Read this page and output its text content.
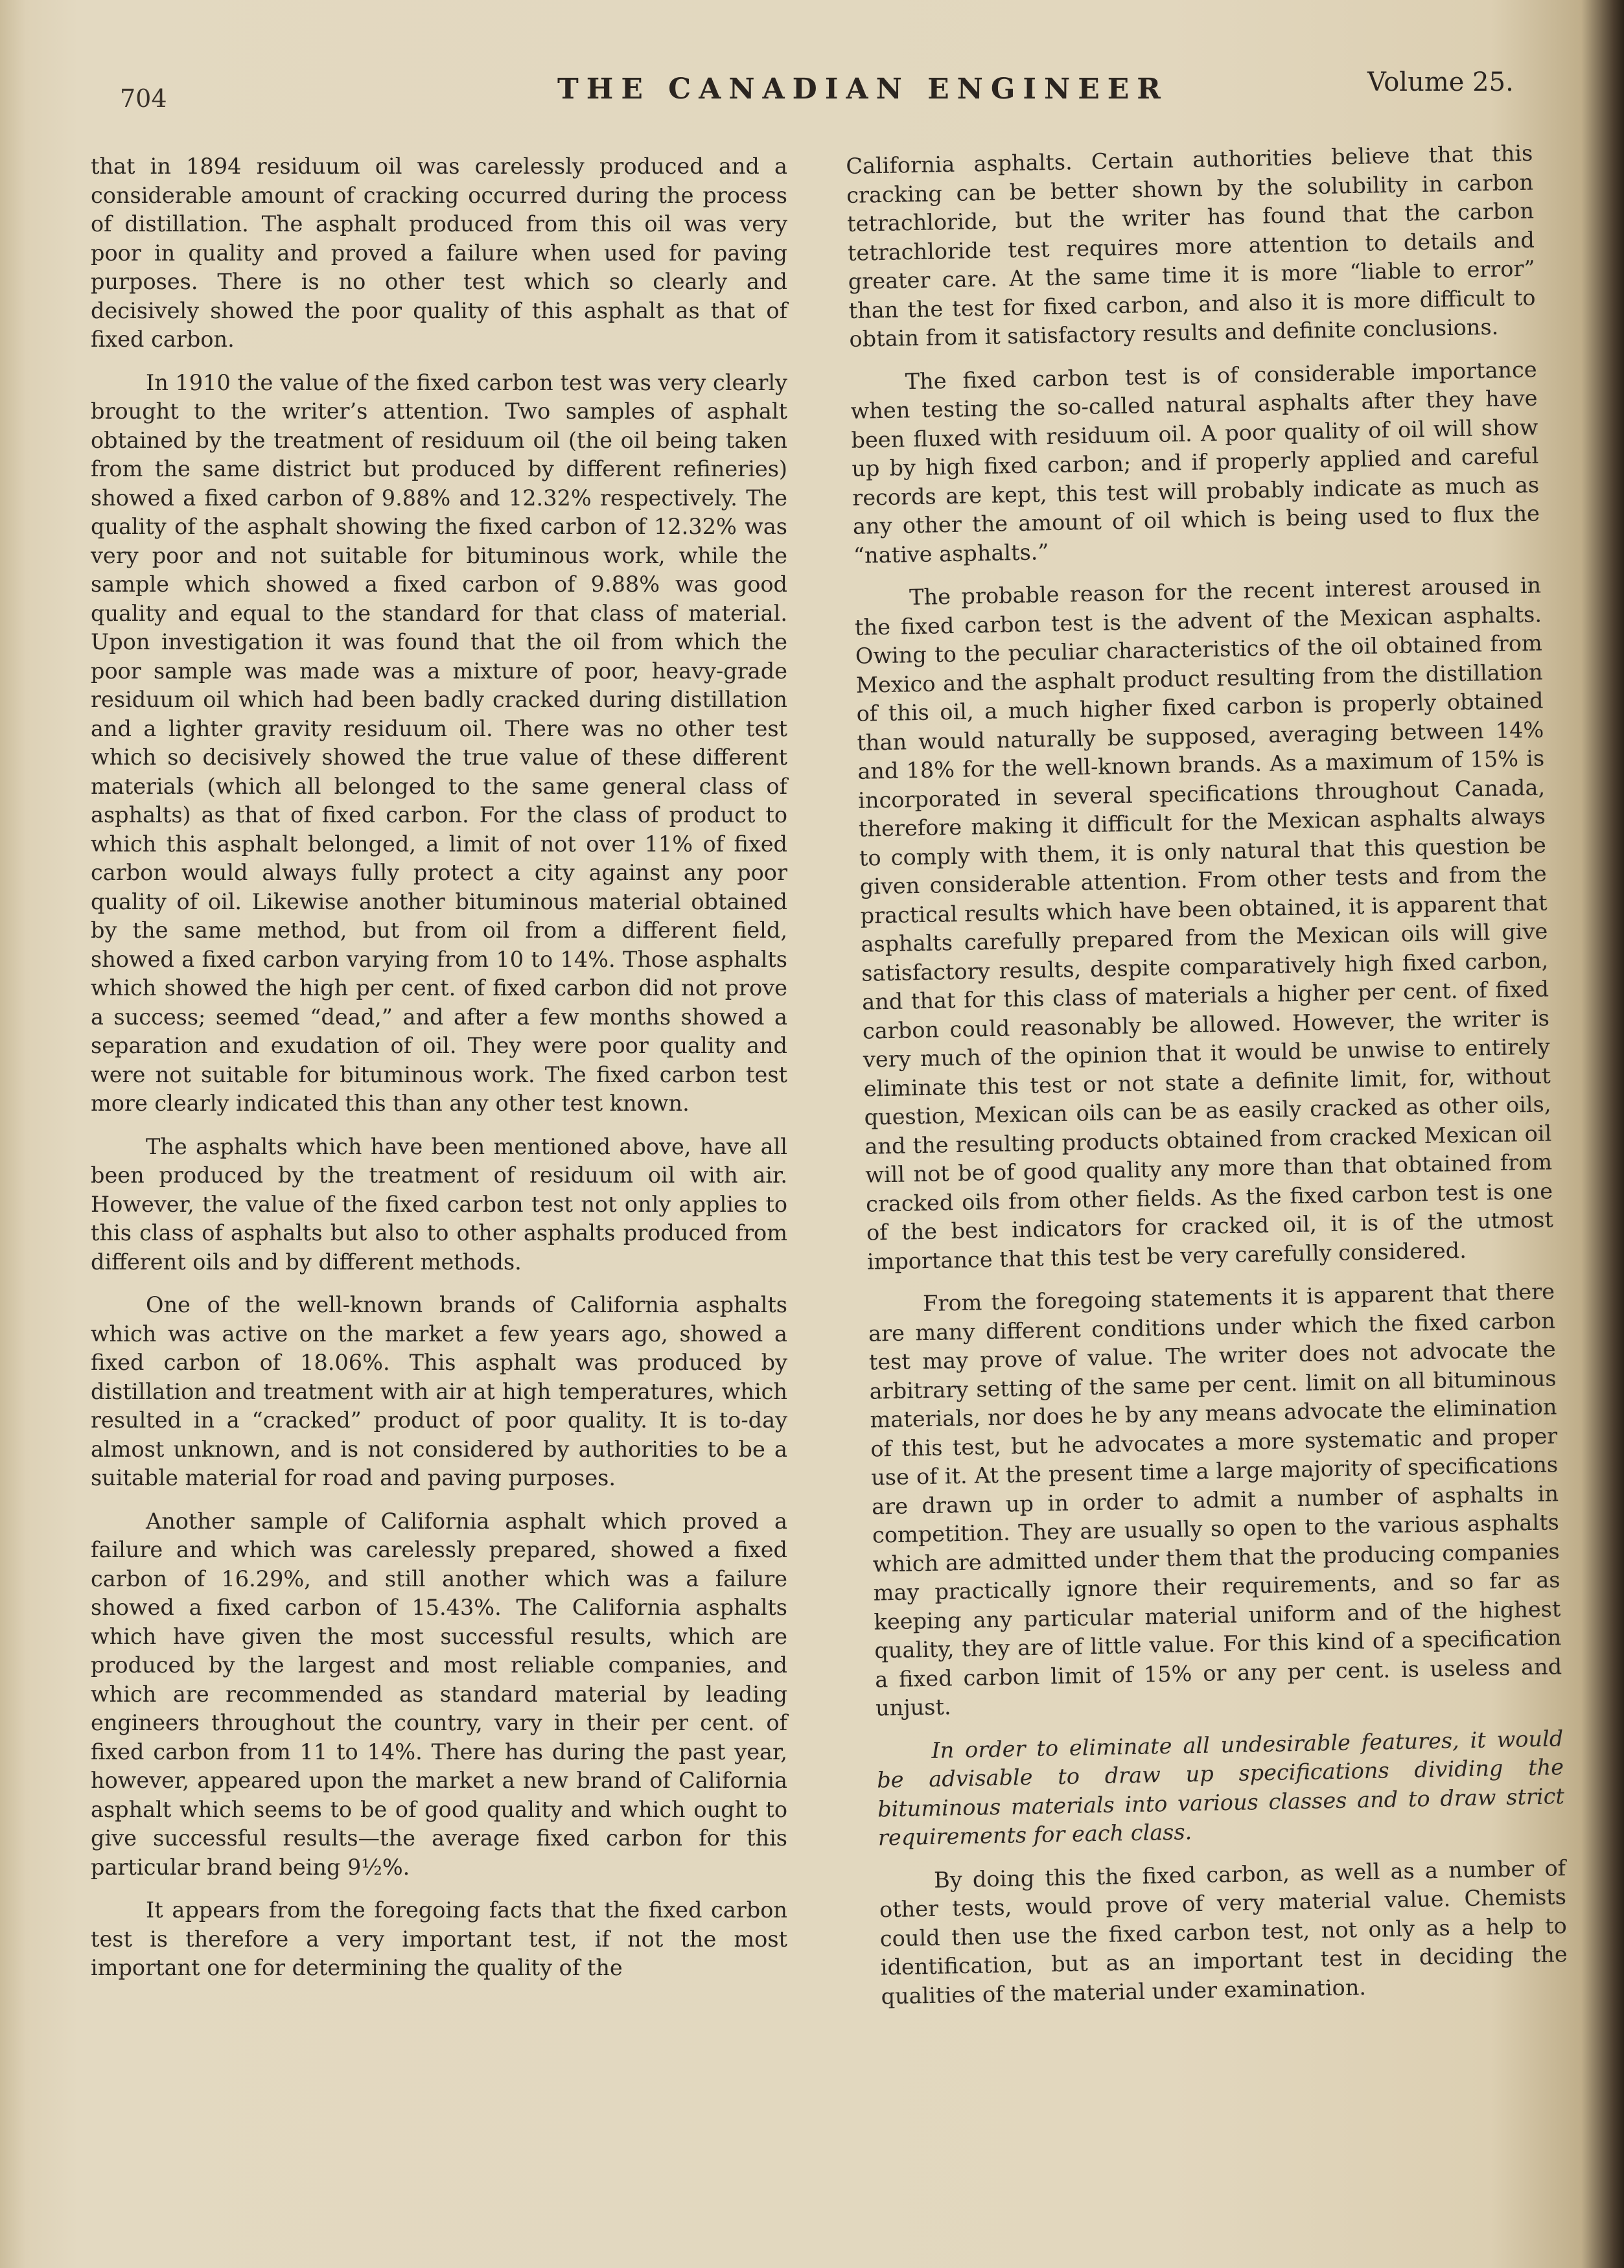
704	THE CANADIAN ENGINEER	Volume 25.

that in 1894 residuum oil was carelessly produced and a considerable amount of cracking occurred during the process of distillation. The asphalt produced from this oil was very poor in quality and proved a failure when used for paving purposes. There is no other test which so clearly and decisively showed the poor quality of this asphalt as that of fixed carbon.

In 1910 the value of the fixed carbon test was very clearly brought to the writer’s attention. Two samples of asphalt obtained by the treatment of residuum oil (the oil being taken from the same district but produced by different refineries) showed a fixed carbon of 9.88% and 12.32% respectively. The quality of the asphalt showing the fixed carbon of 12.32% was very poor and not suitable for bituminous work, while the sample which showed a fixed carbon of 9.88% was good quality and equal to the standard for that class of material. Upon investigation it was found that the oil from which the poor sample was made was a mixture of poor, heavy-grade residuum oil which had been badly cracked during distillation and a lighter gravity residuum oil. There was no other test which so decisively showed the true value of these different materials (which all belonged to the same general class of asphalts) as that of fixed carbon. For the class of product to which this asphalt belonged, a limit of not over 11% of fixed carbon would always fully protect a city against any poor quality of oil. Likewise another bituminous material obtained by the same method, but from oil from a different field, showed a fixed carbon varying from 10 to 14%. Those asphalts which showed the high per cent. of fixed carbon did not prove a success; seemed “dead,” and after a few months showed a separation and exudation of oil. They were poor quality and were not suitable for bituminous work. The fixed carbon test more clearly indicated this than any other test known.

The asphalts which have been mentioned above, have all been produced by the treatment of residuum oil with air. However, the value of the fixed carbon test not only applies to this class of asphalts but also to other asphalts produced from different oils and by different methods.

One of the well-known brands of California asphalts which was active on the market a few years ago, showed a fixed carbon of 18.06%. This asphalt was produced by distillation and treatment with air at high temperatures, which resulted in a “cracked” product of poor quality. It is to-day almost unknown, and is not considered by authorities to be a suitable material for road and paving purposes.

Another sample of California asphalt which proved a failure and which was carelessly prepared, showed a fixed carbon of 16.29%, and still another which was a failure showed a fixed carbon of 15.43%. The California asphalts which have given the most successful results, which are produced by the largest and most reliable companies, and which are recommended as standard material by leading engineers throughout the country, vary in their per cent. of fixed carbon from 11 to 14%. There has during the past year, however, appeared upon the market a new brand of California asphalt which seems to be of good quality and which ought to give successful results—the average fixed carbon for this particular brand being 9½%.

It appears from the foregoing facts that the fixed carbon test is therefore a very important test, if not the most important one for determining the quality of the

California asphalts. Certain authorities believe that this cracking can be better shown by the solubility in carbon tetrachloride, but the writer has found that the carbon tetrachloride test requires more attention to details and greater care. At the same time it is more “liable to error” than the test for fixed carbon, and also it is more difficult to obtain from it satisfactory results and definite conclusions.

The fixed carbon test is of considerable importance when testing the so-called natural asphalts after they have been fluxed with residuum oil. A poor quality of oil will show up by high fixed carbon; and if properly applied and careful records are kept, this test will probably indicate as much as any other the amount of oil which is being used to flux the “native asphalts.”

The probable reason for the recent interest aroused in the fixed carbon test is the advent of the Mexican asphalts. Owing to the peculiar characteristics of the oil obtained from Mexico and the asphalt product resulting from the distillation of this oil, a much higher fixed carbon is properly obtained than would naturally be supposed, averaging between 14% and 18% for the well-known brands. As a maximum of 15% is incorporated in several specifications throughout Canada, therefore making it difficult for the Mexican asphalts always to comply with them, it is only natural that this question be given considerable attention. From other tests and from the practical results which have been obtained, it is apparent that asphalts carefully prepared from the Mexican oils will give satisfactory results, despite comparatively high fixed carbon, and that for this class of materials a higher per cent. of fixed carbon could reasonably be allowed. However, the writer is very much of the opinion that it would be unwise to entirely eliminate this test or not state a definite limit, for, without question, Mexican oils can be as easily cracked as other oils, and the resulting products obtained from cracked Mexican oil will not be of good quality any more than that obtained from cracked oils from other fields. As the fixed carbon test is one of the best indicators for cracked oil, it is of the utmost importance that this test be very carefully considered.

From the foregoing statements it is apparent that there are many different conditions under which the fixed carbon test may prove of value. The writer does not advocate the arbitrary setting of the same per cent. limit on all bituminous materials, nor does he by any means advocate the elimination of this test, but he advocates a more systematic and proper use of it. At the present time a large majority of specifications are drawn up in order to admit a number of asphalts in competition. They are usually so open to the various asphalts which are admitted under them that the producing companies may practically ignore their requirements, and so far as keeping any particular material uniform and of the highest quality, they are of little value. For this kind of a specification a fixed carbon limit of 15% or any per cent. is useless and unjust.

In order to eliminate all undesirable features, it would be advisable to draw up specifications dividing the bituminous materials into various classes and to draw strict requirements for each class.

By doing this the fixed carbon, as well as a number of other tests, would prove of very material value. Chemists could then use the fixed carbon test, not only as a help to identification, but as an important test in deciding the qualities of the material under examination.
